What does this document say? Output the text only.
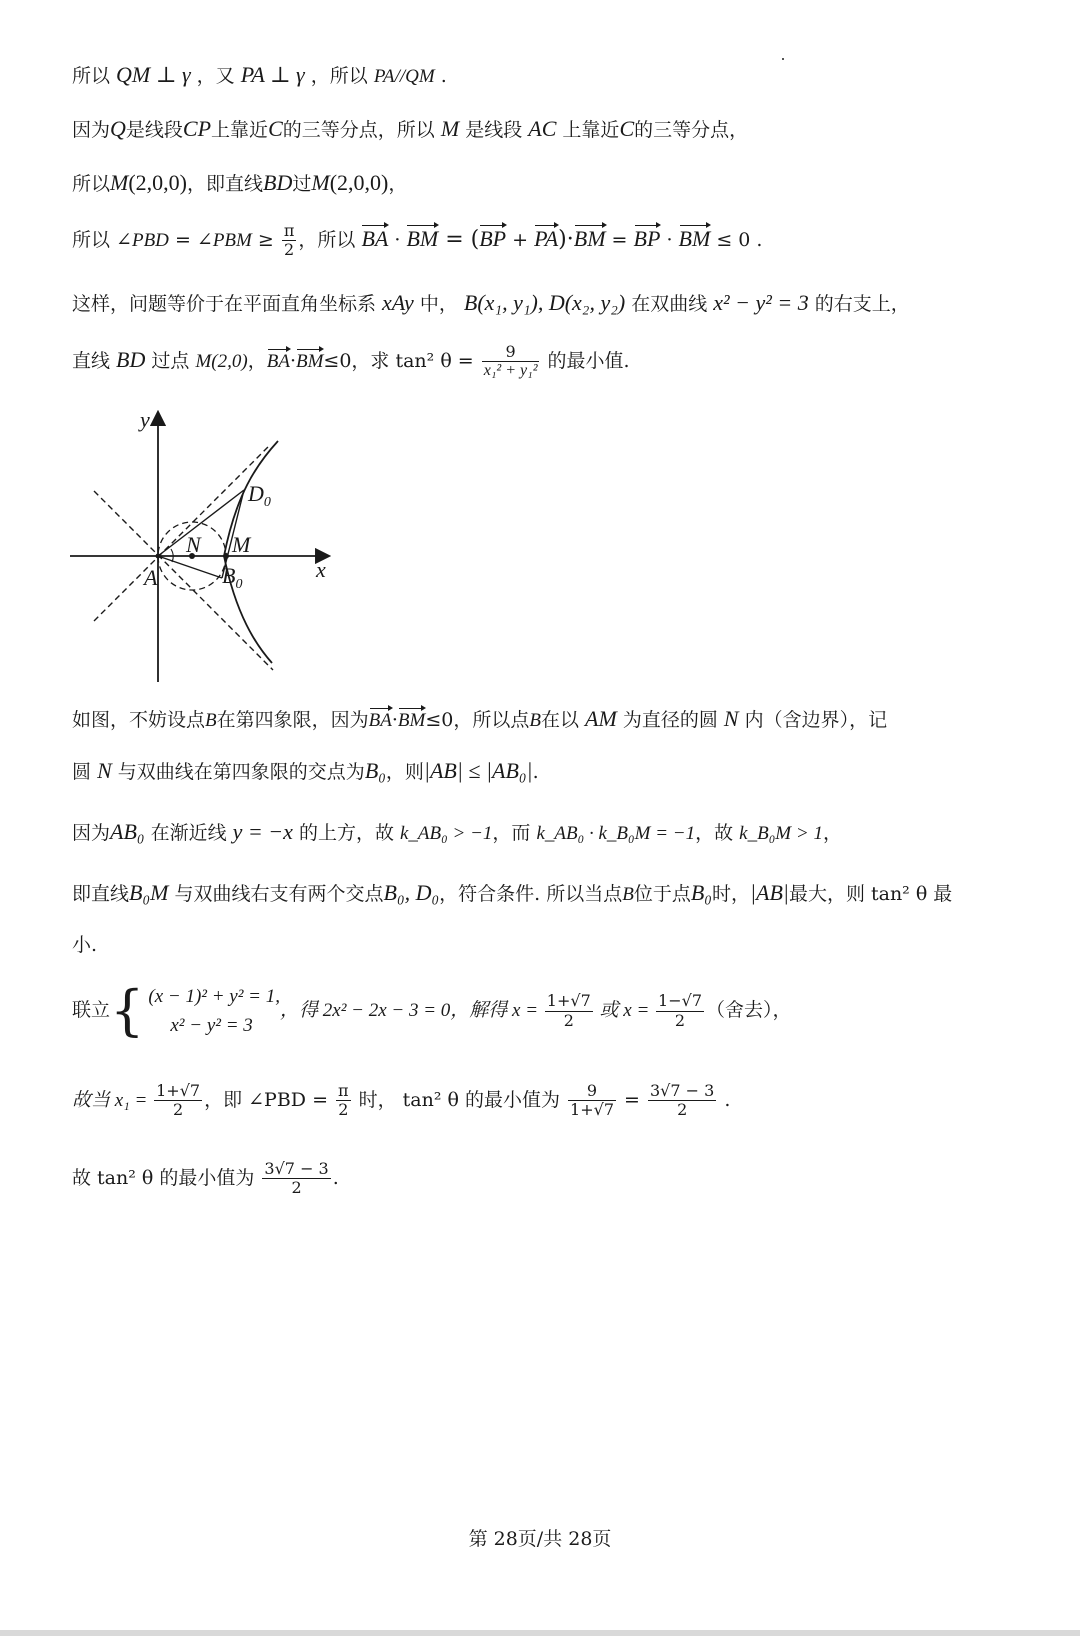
所以 QM ⊥ γ ，又 PA ⊥ γ ，所以 PA//QM .
因为Q是线段CP上靠近C的三等分点，所以 M 是线段 AC 上靠近C的三等分点，
所以M(2,0,0)，即直线BD过M(2,0,0)，
所以 ∠PBD = ∠PBM ≥ $\frac{\pi}{2}$ ，所以 BA · BM = (BP + PA)·BM = BP · BM ≤ 0 .
这样，问题等价于在平面直角坐标系 xAy 中， B(x₁, y₁), D(x₂, y₂) 在双曲线 x² − y² = 3 的右支上，
直线 BD 过点 M(2,0)，BA·BM≤0，求 tan² $\theta = \frac{9}{\text{x₁² + y₁²}}$ 的最小值.
y
x
A
N M
$D_0$
$B_0$
如图，不妨设点B在第四象限，因为BA·BM≤0，所以点B在以 AM 为直径的圆 N 内（含边界），记
圆 N 与双曲线在第四象限的交点为B₀，则|AB| ≤ |AB₀|.
因为AB₀ 在渐近线 y = −x 的上方，故 k_AB₀ > −1，而 k_AB₀ · k_B₀M = −1，故 k_B₀M > 1，
即直线B₀M 与双曲线右支有两个交点B₀, D₀，符合条件. 所以当点B位于点B₀时，|AB|最大，则 tan² θ 最
小.
联立 { (x − 1)² + y² = 1,
x² − y² = 3
，得 2x² − 2x − 3 = 0，解得 $x = \frac{1+√7}{2}$ 或 $x = \frac{1-√7}{2}$ （舍去），
故当 $x_1 = \frac{1+√7}{2}$ ，即 ∠PBD = $\frac{\pi}{2}$ 时， tan² θ 的最小值为 $\frac{9}{1+√7} = \frac{3√7 - 3}{2}$ .
故 tan² θ 的最小值为 $\frac{3√7 - 3}{2}$ .
第 28页/共 28页
